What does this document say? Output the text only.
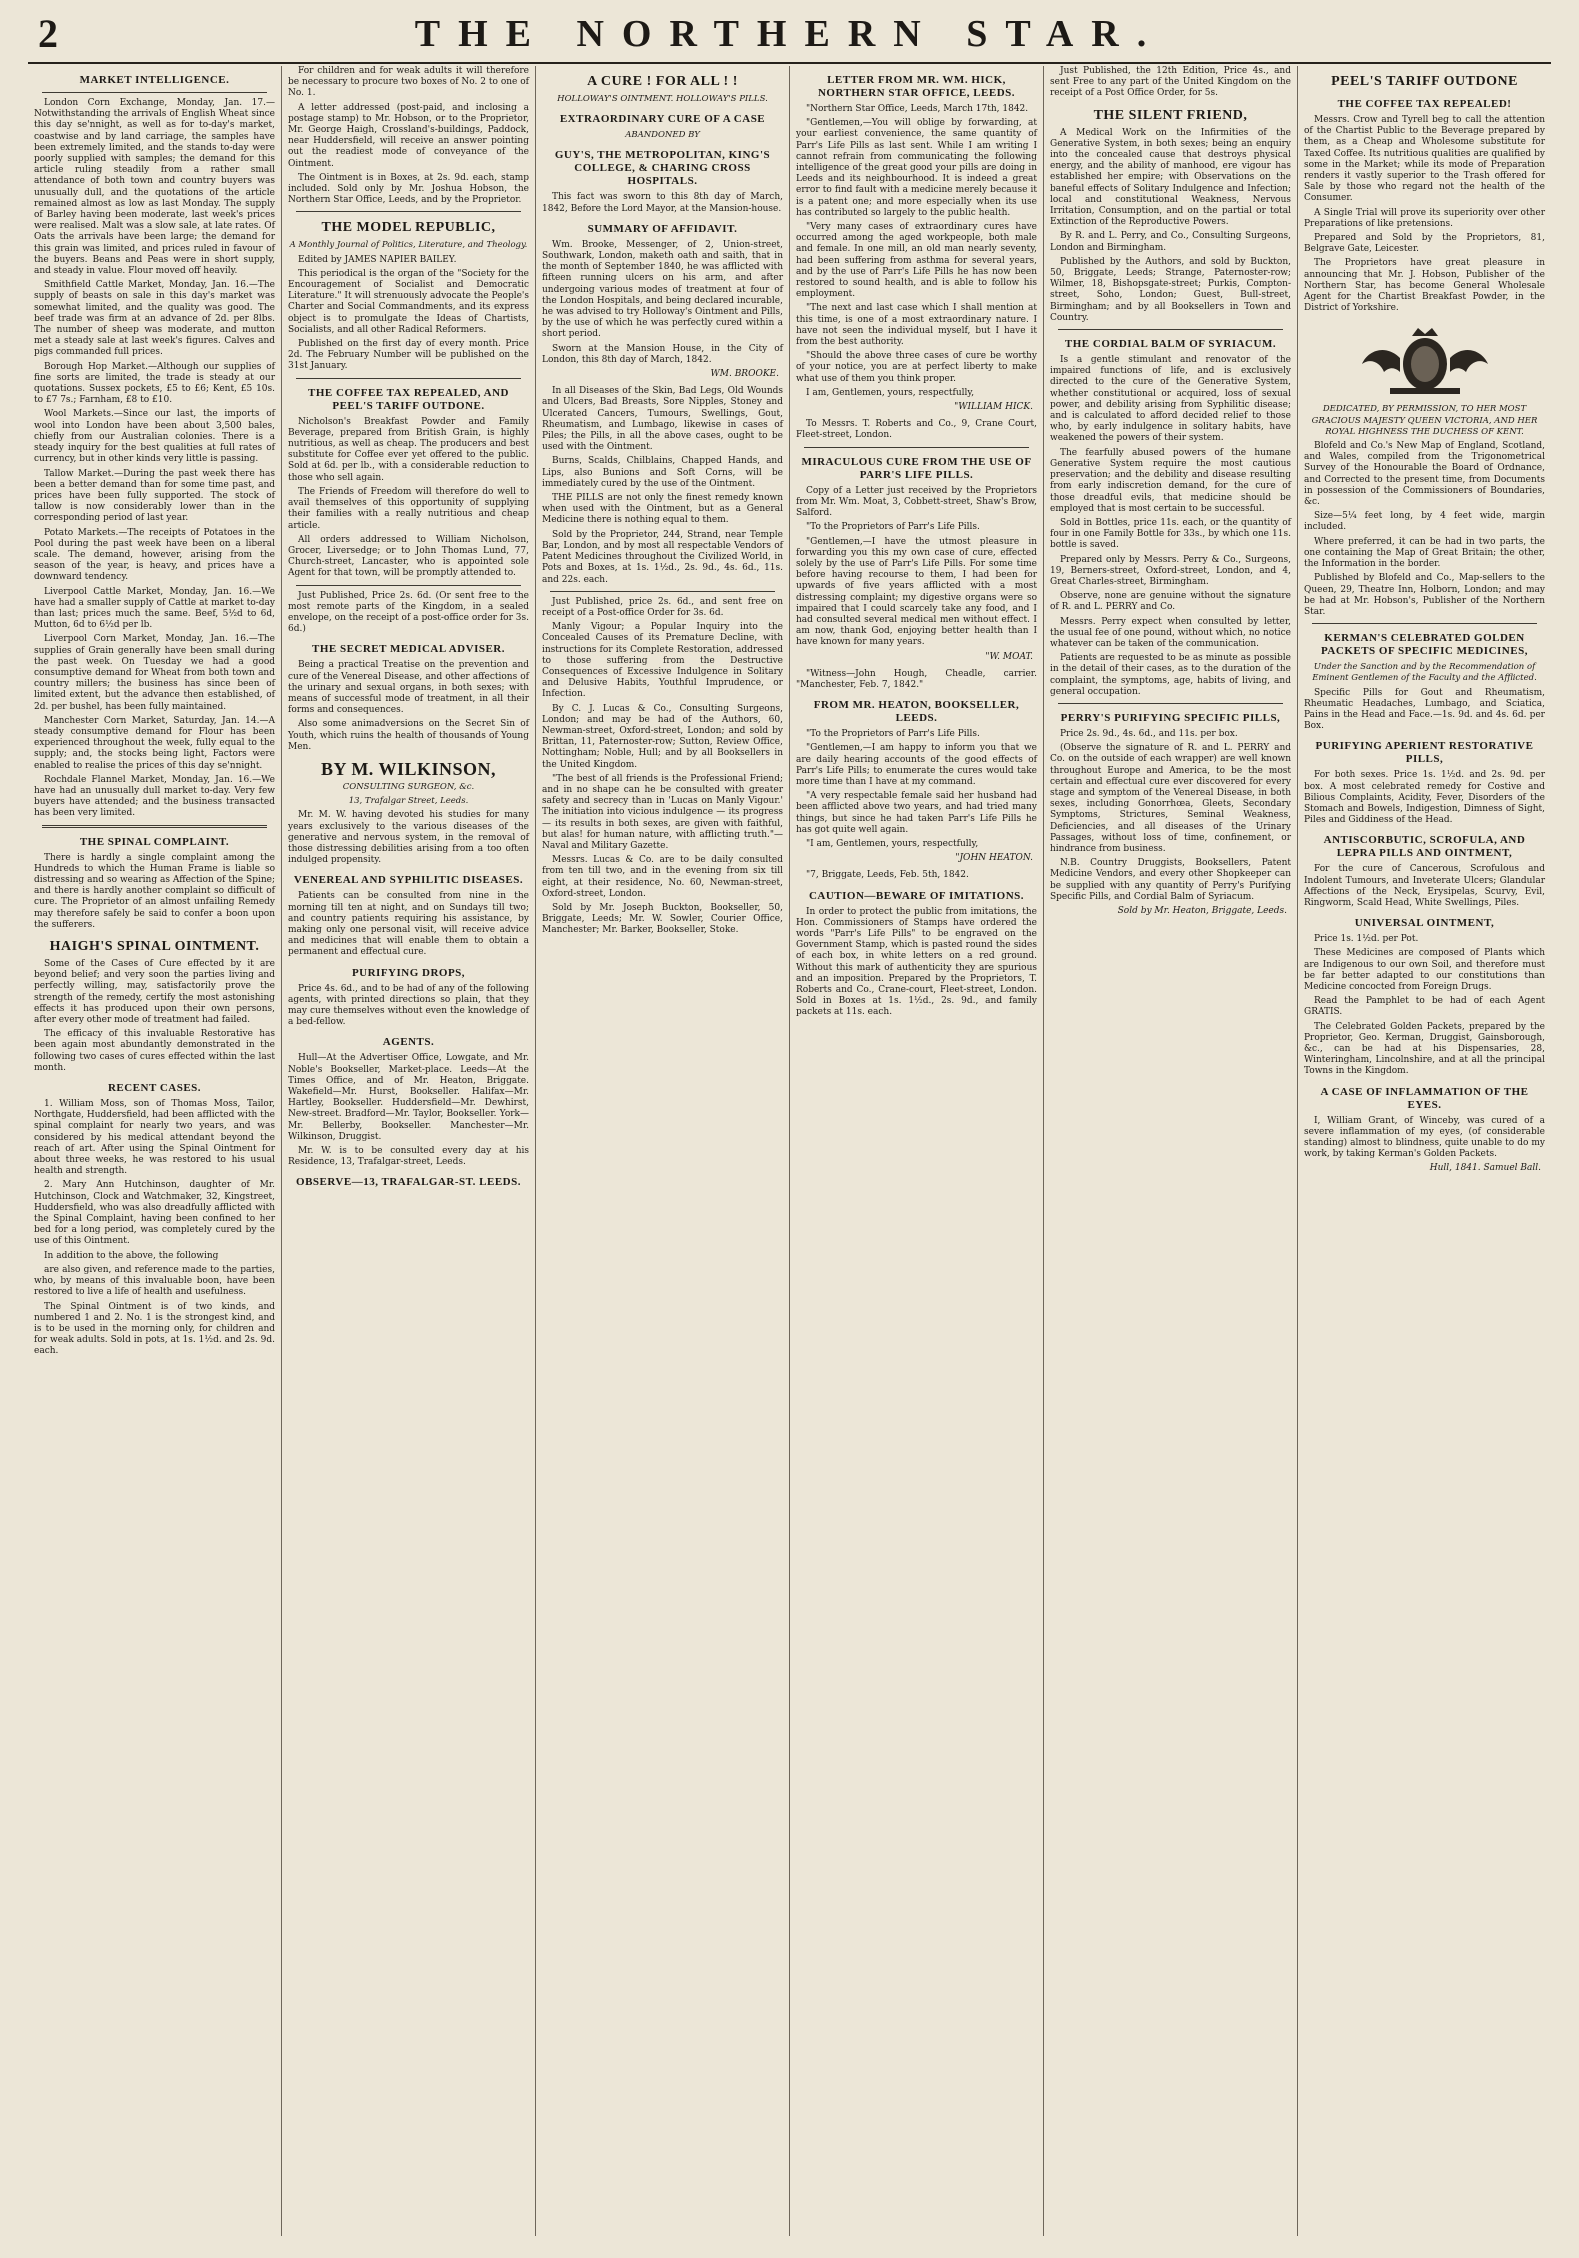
2	THE NORTHERN STAR.
MARKET INTELLIGENCE.

London Corn Exchange, Monday, Jan. 17.—Notwithstanding the arrivals of English Wheat since this day se'nnight, as well as for to-day's market, coastwise and by land carriage, the samples have been extremely limited, and the stands to-day were poorly supplied with samples; the demand for this article ruling steadily from a rather small attendance of both town and country buyers was unusually dull, and the quotations of the article remained almost as low as last Monday. The supply of Barley having been moderate, last week's prices were realised. Malt was a slow sale, at late rates. Of Oats the arrivals have been large; the demand for this grain was limited, and prices ruled in favour of the buyers. Beans and Peas were in short supply, and steady in value. Flour moved off heavily.

Smithfield Cattle Market, Monday, Jan. 16.—The supply of beasts on sale in this day's market was somewhat limited, and the quality was good. The beef trade was firm at an advance of 2d. per 8lbs. The number of sheep was moderate, and mutton met a steady sale at last week's figures. Calves and pigs commanded full prices.

Borough Hop Market.—Although our supplies of fine sorts are limited, the trade is steady at our quotations. Sussex pockets, £5 to £6; Kent, £5 10s. to £7 7s.; Farnham, £8 to £10.

Wool Markets.—Since our last, the imports of wool into London have been about 3,500 bales, chiefly from our Australian colonies. There is a steady inquiry for the best qualities at full rates of currency, but in other kinds very little is passing.

Tallow Market.—During the past week there has been a better demand than for some time past, and prices have been fully supported. The stock of tallow is now considerably lower than in the corresponding period of last year.

Potato Markets.—The receipts of Potatoes in the Pool during the past week have been on a liberal scale. The demand, however, arising from the season of the year, is heavy, and prices have a downward tendency.

Liverpool Cattle Market, Monday, Jan. 16.—We have had a smaller supply of Cattle at market to-day than last; prices much the same. Beef, 5½d to 6d, Mutton, 6d to 6½d per lb.

Liverpool Corn Market, Monday, Jan. 16.—The supplies of Grain generally have been small during the past week. On Tuesday we had a good consumptive demand for Wheat from both town and country millers; the business has since been of limited extent, but the advance then established, of 2d. per bushel, has been fully maintained.

Manchester Corn Market, Saturday, Jan. 14.—A steady consumptive demand for Flour has been experienced throughout the week, fully equal to the supply; and, the stocks being light, Factors were enabled to realise the prices of this day se'nnight.

Rochdale Flannel Market, Monday, Jan. 16.—We have had an unusually dull market to-day. Very few buyers have attended; and the business transacted has been very limited.

THE SPINAL COMPLAINT.

There is hardly a single complaint among the Hundreds to which the Human Frame is liable so distressing and so wearing as Affection of the Spine; and there is hardly another complaint so difficult of cure. The Proprietor of an almost unfailing Remedy may therefore safely be said to confer a boon upon the sufferers.

HAIGH'S SPINAL OINTMENT.

Some of the Cases of Cure effected by it are beyond belief; and very soon the parties living and perfectly willing, may, satisfactorily prove the strength of the remedy, certify the most astonishing effects it has produced upon their own persons, after every other mode of treatment had failed.

The efficacy of this invaluable Restorative has been again most abundantly demonstrated in the following two cases of cures effected within the last month.

RECENT CASES.

1. William Moss, son of Thomas Moss, Tailor, Northgate, Huddersfield, had been afflicted with the spinal complaint for nearly two years, and was considered by his medical attendant beyond the reach of art. After using the Spinal Ointment for about three weeks, he was restored to his usual health and strength.

2. Mary Ann Hutchinson, daughter of Mr. Hutchinson, Clock and Watchmaker, 32, Kingstreet, Huddersfield, who was also dreadfully afflicted with the Spinal Complaint, having been confined to her bed for a long period, was completely cured by the use of this Ointment.

In addition to the above, the following

are also given, and reference made to the parties, who, by means of this invaluable boon, have been restored to live a life of health and usefulness.

The Spinal Ointment is of two kinds, and numbered 1 and 2. No. 1 is the strongest kind, and is to be used in the morning only, for children and for weak adults. Sold in pots, at 1s. 1½d. and 2s. 9d. each.

For children and for weak adults it will therefore be necessary to procure two boxes of No. 2 to one of No. 1.

A letter addressed (post-paid, and inclosing a postage stamp) to Mr. Hobson, or to the Proprietor, Mr. George Haigh, Crossland's-buildings, Paddock, near Huddersfield, will receive an answer pointing out the readiest mode of conveyance of the Ointment.

The Ointment is in Boxes, at 2s. 9d. each, stamp included. Sold only by Mr. Joshua Hobson, the Northern Star Office, Leeds, and by the Proprietor.

THE MODEL REPUBLIC,
A Monthly Journal of Politics, Literature, and Theology.

Edited by JAMES NAPIER BAILEY.

This periodical is the organ of the "Society for the Encouragement of Socialist and Democratic Literature." It will strenuously advocate the People's Charter and Social Commandments, and its express object is to promulgate the Ideas of Chartists, Socialists, and all other Radical Reformers.

Published on the first day of every month. Price 2d. The February Number will be published on the 31st January.

THE COFFEE TAX REPEALED, AND PEEL'S TARIFF OUTDONE.

Nicholson's Breakfast Powder and Family Beverage, prepared from British Grain, is highly nutritious, as well as cheap. The producers and best substitute for Coffee ever yet offered to the public. Sold at 6d. per lb., with a considerable reduction to those who sell again.

The Friends of Freedom will therefore do well to avail themselves of this opportunity of supplying their families with a really nutritious and cheap article.

All orders addressed to William Nicholson, Grocer, Liversedge; or to John Thomas Lund, 77, Church-street, Lancaster, who is appointed sole Agent for that town, will be promptly attended to.

Just Published, Price 2s. 6d. (Or sent free to the most remote parts of the Kingdom, in a sealed envelope, on the receipt of a post-office order for 3s. 6d.)

THE SECRET MEDICAL ADVISER.

Being a practical Treatise on the prevention and cure of the Venereal Disease, and other affections of the urinary and sexual organs, in both sexes; with means of successful mode of treatment, in all their forms and consequences.

Also some animadversions on the Secret Sin of Youth, which ruins the health of thousands of Young Men.

BY M. WILKINSON,
CONSULTING SURGEON, &c.
13, Trafalgar Street, Leeds.

Mr. M. W. having devoted his studies for many years exclusively to the various diseases of the generative and nervous system, in the removal of those distressing debilities arising from a too often indulged propensity.

VENEREAL AND SYPHILITIC DISEASES.

Patients can be consulted from nine in the morning till ten at night, and on Sundays till two; and country patients requiring his assistance, by making only one personal visit, will receive advice and medicines that will enable them to obtain a permanent and effectual cure.

PURIFYING DROPS,

Price 4s. 6d., and to be had of any of the following agents, with printed directions so plain, that they may cure themselves without even the knowledge of a bed-fellow.

AGENTS.

Hull—At the Advertiser Office, Lowgate, and Mr. Noble's Bookseller, Market-place. Leeds—At the Times Office, and of Mr. Heaton, Briggate. Wakefield—Mr. Hurst, Bookseller. Halifax—Mr. Hartley, Bookseller. Huddersfield—Mr. Dewhirst, New-street. Bradford—Mr. Taylor, Bookseller. York—Mr. Bellerby, Bookseller. Manchester—Mr. Wilkinson, Druggist.

Mr. W. is to be consulted every day at his Residence, 13, Trafalgar-street, Leeds.

OBSERVE—13, TRAFALGAR-ST. LEEDS.
A CURE ! FOR ALL ! !
HOLLOWAY'S OINTMENT. HOLLOWAY'S PILLS.
EXTRAORDINARY CURE OF A CASE
ABANDONED BY
GUY'S, THE METROPOLITAN, KING'S COLLEGE, & CHARING CROSS HOSPITALS.

This fact was sworn to this 8th day of March, 1842, Before the Lord Mayor, at the Mansion-house.

SUMMARY OF AFFIDAVIT.

Wm. Brooke, Messenger, of 2, Union-street, Southwark, London, maketh oath and saith, that in the month of September 1840, he was afflicted with fifteen running ulcers on his arm, and after undergoing various modes of treatment at four of the London Hospitals, and being declared incurable, he was advised to try Holloway's Ointment and Pills, by the use of which he was perfectly cured within a short period.

Sworn at the Mansion House, in the City of London, this 8th day of March, 1842.

WM. BROOKE.

In all Diseases of the Skin, Bad Legs, Old Wounds and Ulcers, Bad Breasts, Sore Nipples, Stoney and Ulcerated Cancers, Tumours, Swellings, Gout, Rheumatism, and Lumbago, likewise in cases of Piles; the Pills, in all the above cases, ought to be used with the Ointment.

Burns, Scalds, Chilblains, Chapped Hands, and Lips, also Bunions and Soft Corns, will be immediately cured by the use of the Ointment.

THE PILLS are not only the finest remedy known when used with the Ointment, but as a General Medicine there is nothing equal to them.

Sold by the Proprietor, 244, Strand, near Temple Bar, London, and by most all respectable Vendors of Patent Medicines throughout the Civilized World, in Pots and Boxes, at 1s. 1½d., 2s. 9d., 4s. 6d., 11s. and 22s. each.

Just Published, price 2s. 6d., and sent free on receipt of a Post-office Order for 3s. 6d.

Manly Vigour; a Popular Inquiry into the Concealed Causes of its Premature Decline, with instructions for its Complete Restoration, addressed to those suffering from the Destructive Consequences of Excessive Indulgence in Solitary and Delusive Habits, Youthful Imprudence, or Infection.

By C. J. Lucas & Co., Consulting Surgeons, London; and may be had of the Authors, 60, Newman-street, Oxford-street, London; and sold by Brittan, 11, Paternoster-row; Sutton, Review Office, Nottingham; Noble, Hull; and by all Booksellers in the United Kingdom.

"The best of all friends is the Professional Friend; and in no shape can he be consulted with greater safety and secrecy than in 'Lucas on Manly Vigour.' The initiation into vicious indulgence — its progress — its results in both sexes, are given with faithful, but alas! for human nature, with afflicting truth."—Naval and Military Gazette.

Messrs. Lucas & Co. are to be daily consulted from ten till two, and in the evening from six till eight, at their residence, No. 60, Newman-street, Oxford-street, London.

Sold by Mr. Joseph Buckton, Bookseller, 50, Briggate, Leeds; Mr. W. Sowler, Courier Office, Manchester; Mr. Barker, Bookseller, Stoke.

LETTER FROM MR. WM. HICK, NORTHERN STAR OFFICE, LEEDS.

"Northern Star Office, Leeds, March 17th, 1842.

"Gentlemen,—You will oblige by forwarding, at your earliest convenience, the same quantity of Parr's Life Pills as last sent. While I am writing I cannot refrain from communicating the following intelligence of the great good your pills are doing in Leeds and its neighbourhood. It is indeed a great error to find fault with a medicine merely because it is a patent one; and more especially when its use has contributed so largely to the public health.

"Very many cases of extraordinary cures have occurred among the aged workpeople, both male and female. In one mill, an old man nearly seventy, had been suffering from asthma for several years, and by the use of Parr's Life Pills he has now been restored to sound health, and is able to follow his employment.

"The next and last case which I shall mention at this time, is one of a most extraordinary nature. I have not seen the individual myself, but I have it from the best authority.

"Should the above three cases of cure be worthy of your notice, you are at perfect liberty to make what use of them you think proper.

I am, Gentlemen, yours, respectfully,

"WILLIAM HICK.

To Messrs. T. Roberts and Co., 9, Crane Court, Fleet-street, London.

MIRACULOUS CURE FROM THE USE OF PARR'S LIFE PILLS.

Copy of a Letter just received by the Proprietors from Mr. Wm. Moat, 3, Cobbett-street, Shaw's Brow, Salford.

"To the Proprietors of Parr's Life Pills.

"Gentlemen,—I have the utmost pleasure in forwarding you this my own case of cure, effected solely by the use of Parr's Life Pills. For some time before having recourse to them, I had been for upwards of five years afflicted with a most distressing complaint; my digestive organs were so impaired that I could scarcely take any food, and I had consulted several medical men without effect. I am now, thank God, enjoying better health than I have known for many years.

"W. MOAT.

"Witness—John Hough, Cheadle, carrier. "Manchester, Feb. 7, 1842."

FROM MR. HEATON, BOOKSELLER, LEEDS.

"To the Proprietors of Parr's Life Pills.

"Gentlemen,—I am happy to inform you that we are daily hearing accounts of the good effects of Parr's Life Pills; to enumerate the cures would take more time than I have at my command.

"A very respectable female said her husband had been afflicted above two years, and had tried many things, but since he had taken Parr's Life Pills he has got quite well again.

"I am, Gentlemen, yours, respectfully,

"JOHN HEATON.

"7, Briggate, Leeds, Feb. 5th, 1842.

CAUTION—BEWARE OF IMITATIONS.

In order to protect the public from imitations, the Hon. Commissioners of Stamps have ordered the words "Parr's Life Pills" to be engraved on the Government Stamp, which is pasted round the sides of each box, in white letters on a red ground. Without this mark of authenticity they are spurious and an imposition. Prepared by the Proprietors, T. Roberts and Co., Crane-court, Fleet-street, London. Sold in Boxes at 1s. 1½d., 2s. 9d., and family packets at 11s. each.

Just Published, the 12th Edition, Price 4s., and sent Free to any part of the United Kingdom on the receipt of a Post Office Order, for 5s.

THE SILENT FRIEND,

A Medical Work on the Infirmities of the Generative System, in both sexes; being an enquiry into the concealed cause that destroys physical energy, and the ability of manhood, ere vigour has established her empire; with Observations on the baneful effects of Solitary Indulgence and Infection; local and constitutional Weakness, Nervous Irritation, Consumption, and on the partial or total Extinction of the Reproductive Powers.

By R. and L. Perry, and Co., Consulting Surgeons, London and Birmingham.

Published by the Authors, and sold by Buckton, 50, Briggate, Leeds; Strange, Paternoster-row; Wilmer, 18, Bishopsgate-street; Purkis, Compton-street, Soho, London; Guest, Bull-street, Birmingham; and by all Booksellers in Town and Country.

THE CORDIAL BALM OF SYRIACUM.

Is a gentle stimulant and renovator of the impaired functions of life, and is exclusively directed to the cure of the Generative System, whether constitutional or acquired, loss of sexual power, and debility arising from Syphilitic disease; and is calculated to afford decided relief to those who, by early indulgence in solitary habits, have weakened the powers of their system.

The fearfully abused powers of the humane Generative System require the most cautious preservation; and the debility and disease resulting from early indiscretion demand, for the cure of those dreadful evils, that medicine should be employed that is most certain to be successful.

Sold in Bottles, price 11s. each, or the quantity of four in one Family Bottle for 33s., by which one 11s. bottle is saved.

Prepared only by Messrs. Perry & Co., Surgeons, 19, Berners-street, Oxford-street, London, and 4, Great Charles-street, Birmingham.

Observe, none are genuine without the signature of R. and L. PERRY and Co.

Messrs. Perry expect when consulted by letter, the usual fee of one pound, without which, no notice whatever can be taken of the communication.

Patients are requested to be as minute as possible in the detail of their cases, as to the duration of the complaint, the symptoms, age, habits of living, and general occupation.

PERRY'S PURIFYING SPECIFIC PILLS,

Price 2s. 9d., 4s. 6d., and 11s. per box.

(Observe the signature of R. and L. PERRY and Co. on the outside of each wrapper) are well known throughout Europe and America, to be the most certain and effectual cure ever discovered for every stage and symptom of the Venereal Disease, in both sexes, including Gonorrhœa, Gleets, Secondary Symptoms, Strictures, Seminal Weakness, Deficiencies, and all diseases of the Urinary Passages, without loss of time, confinement, or hindrance from business.

N.B. Country Druggists, Booksellers, Patent Medicine Vendors, and every other Shopkeeper can be supplied with any quantity of Perry's Purifying Specific Pills, and Cordial Balm of Syriacum.

Sold by Mr. Heaton, Briggate, Leeds.
PEEL'S TARIFF OUTDONE
THE COFFEE TAX REPEALED!

Messrs. Crow and Tyrell beg to call the attention of the Chartist Public to the Beverage prepared by them, as a Cheap and Wholesome substitute for Taxed Coffee. Its nutritious qualities are qualified by some in the Market; while its mode of Preparation renders it vastly superior to the Trash offered for Sale by those who regard not the health of the Consumer.

A Single Trial will prove its superiority over other Preparations of like pretensions.

Prepared and Sold by the Proprietors, 81, Belgrave Gate, Leicester.

The Proprietors have great pleasure in announcing that Mr. J. Hobson, Publisher of the Northern Star, has become General Wholesale Agent for the Chartist Breakfast Powder, in the District of Yorkshire.

DEDICATED, BY PERMISSION, TO HER MOST GRACIOUS MAJESTY QUEEN VICTORIA, AND HER ROYAL HIGHNESS THE DUCHESS OF KENT.

Blofeld and Co.'s New Map of England, Scotland, and Wales, compiled from the Trigonometrical Survey of the Honourable the Board of Ordnance, and Corrected to the present time, from Documents in possession of the Commissioners of Boundaries, &c.

Size—5¼ feet long, by 4 feet wide, margin included.

Where preferred, it can be had in two parts, the one containing the Map of Great Britain; the other, the Information in the border.

Published by Blofeld and Co., Map-sellers to the Queen, 29, Theatre Inn, Holborn, London; and may be had at Mr. Hobson's, Publisher of the Northern Star.

KERMAN'S CELEBRATED GOLDEN PACKETS OF SPECIFIC MEDICINES,
Under the Sanction and by the Recommendation of Eminent Gentlemen of the Faculty and the Afflicted.

Specific Pills for Gout and Rheumatism, Rheumatic Headaches, Lumbago, and Sciatica, Pains in the Head and Face.—1s. 9d. and 4s. 6d. per Box.

PURIFYING APERIENT RESTORATIVE PILLS,

For both sexes. Price 1s. 1½d. and 2s. 9d. per box. A most celebrated remedy for Costive and Bilious Complaints, Acidity, Fever, Disorders of the Stomach and Bowels, Indigestion, Dimness of Sight, Piles and Giddiness of the Head.

ANTISCORBUTIC, SCROFULA, AND LEPRA PILLS AND OINTMENT,

For the cure of Cancerous, Scrofulous and Indolent Tumours, and Inveterate Ulcers; Glandular Affections of the Neck, Erysipelas, Scurvy, Evil, Ringworm, Scald Head, White Swellings, Piles.

UNIVERSAL OINTMENT,

Price 1s. 1½d. per Pot.

These Medicines are composed of Plants which are Indigenous to our own Soil, and therefore must be far better adapted to our constitutions than Medicine concocted from Foreign Drugs.

Read the Pamphlet to be had of each Agent GRATIS.

The Celebrated Golden Packets, prepared by the Proprietor, Geo. Kerman, Druggist, Gainsborough, &c., can be had at his Dispensaries, 28, Winteringham, Lincolnshire, and at all the principal Towns in the Kingdom.

A CASE OF INFLAMMATION OF THE EYES.

I, William Grant, of Winceby, was cured of a severe inflammation of my eyes, (of considerable standing) almost to blindness, quite unable to do my work, by taking Kerman's Golden Packets.

Hull, 1841. Samuel Ball.
